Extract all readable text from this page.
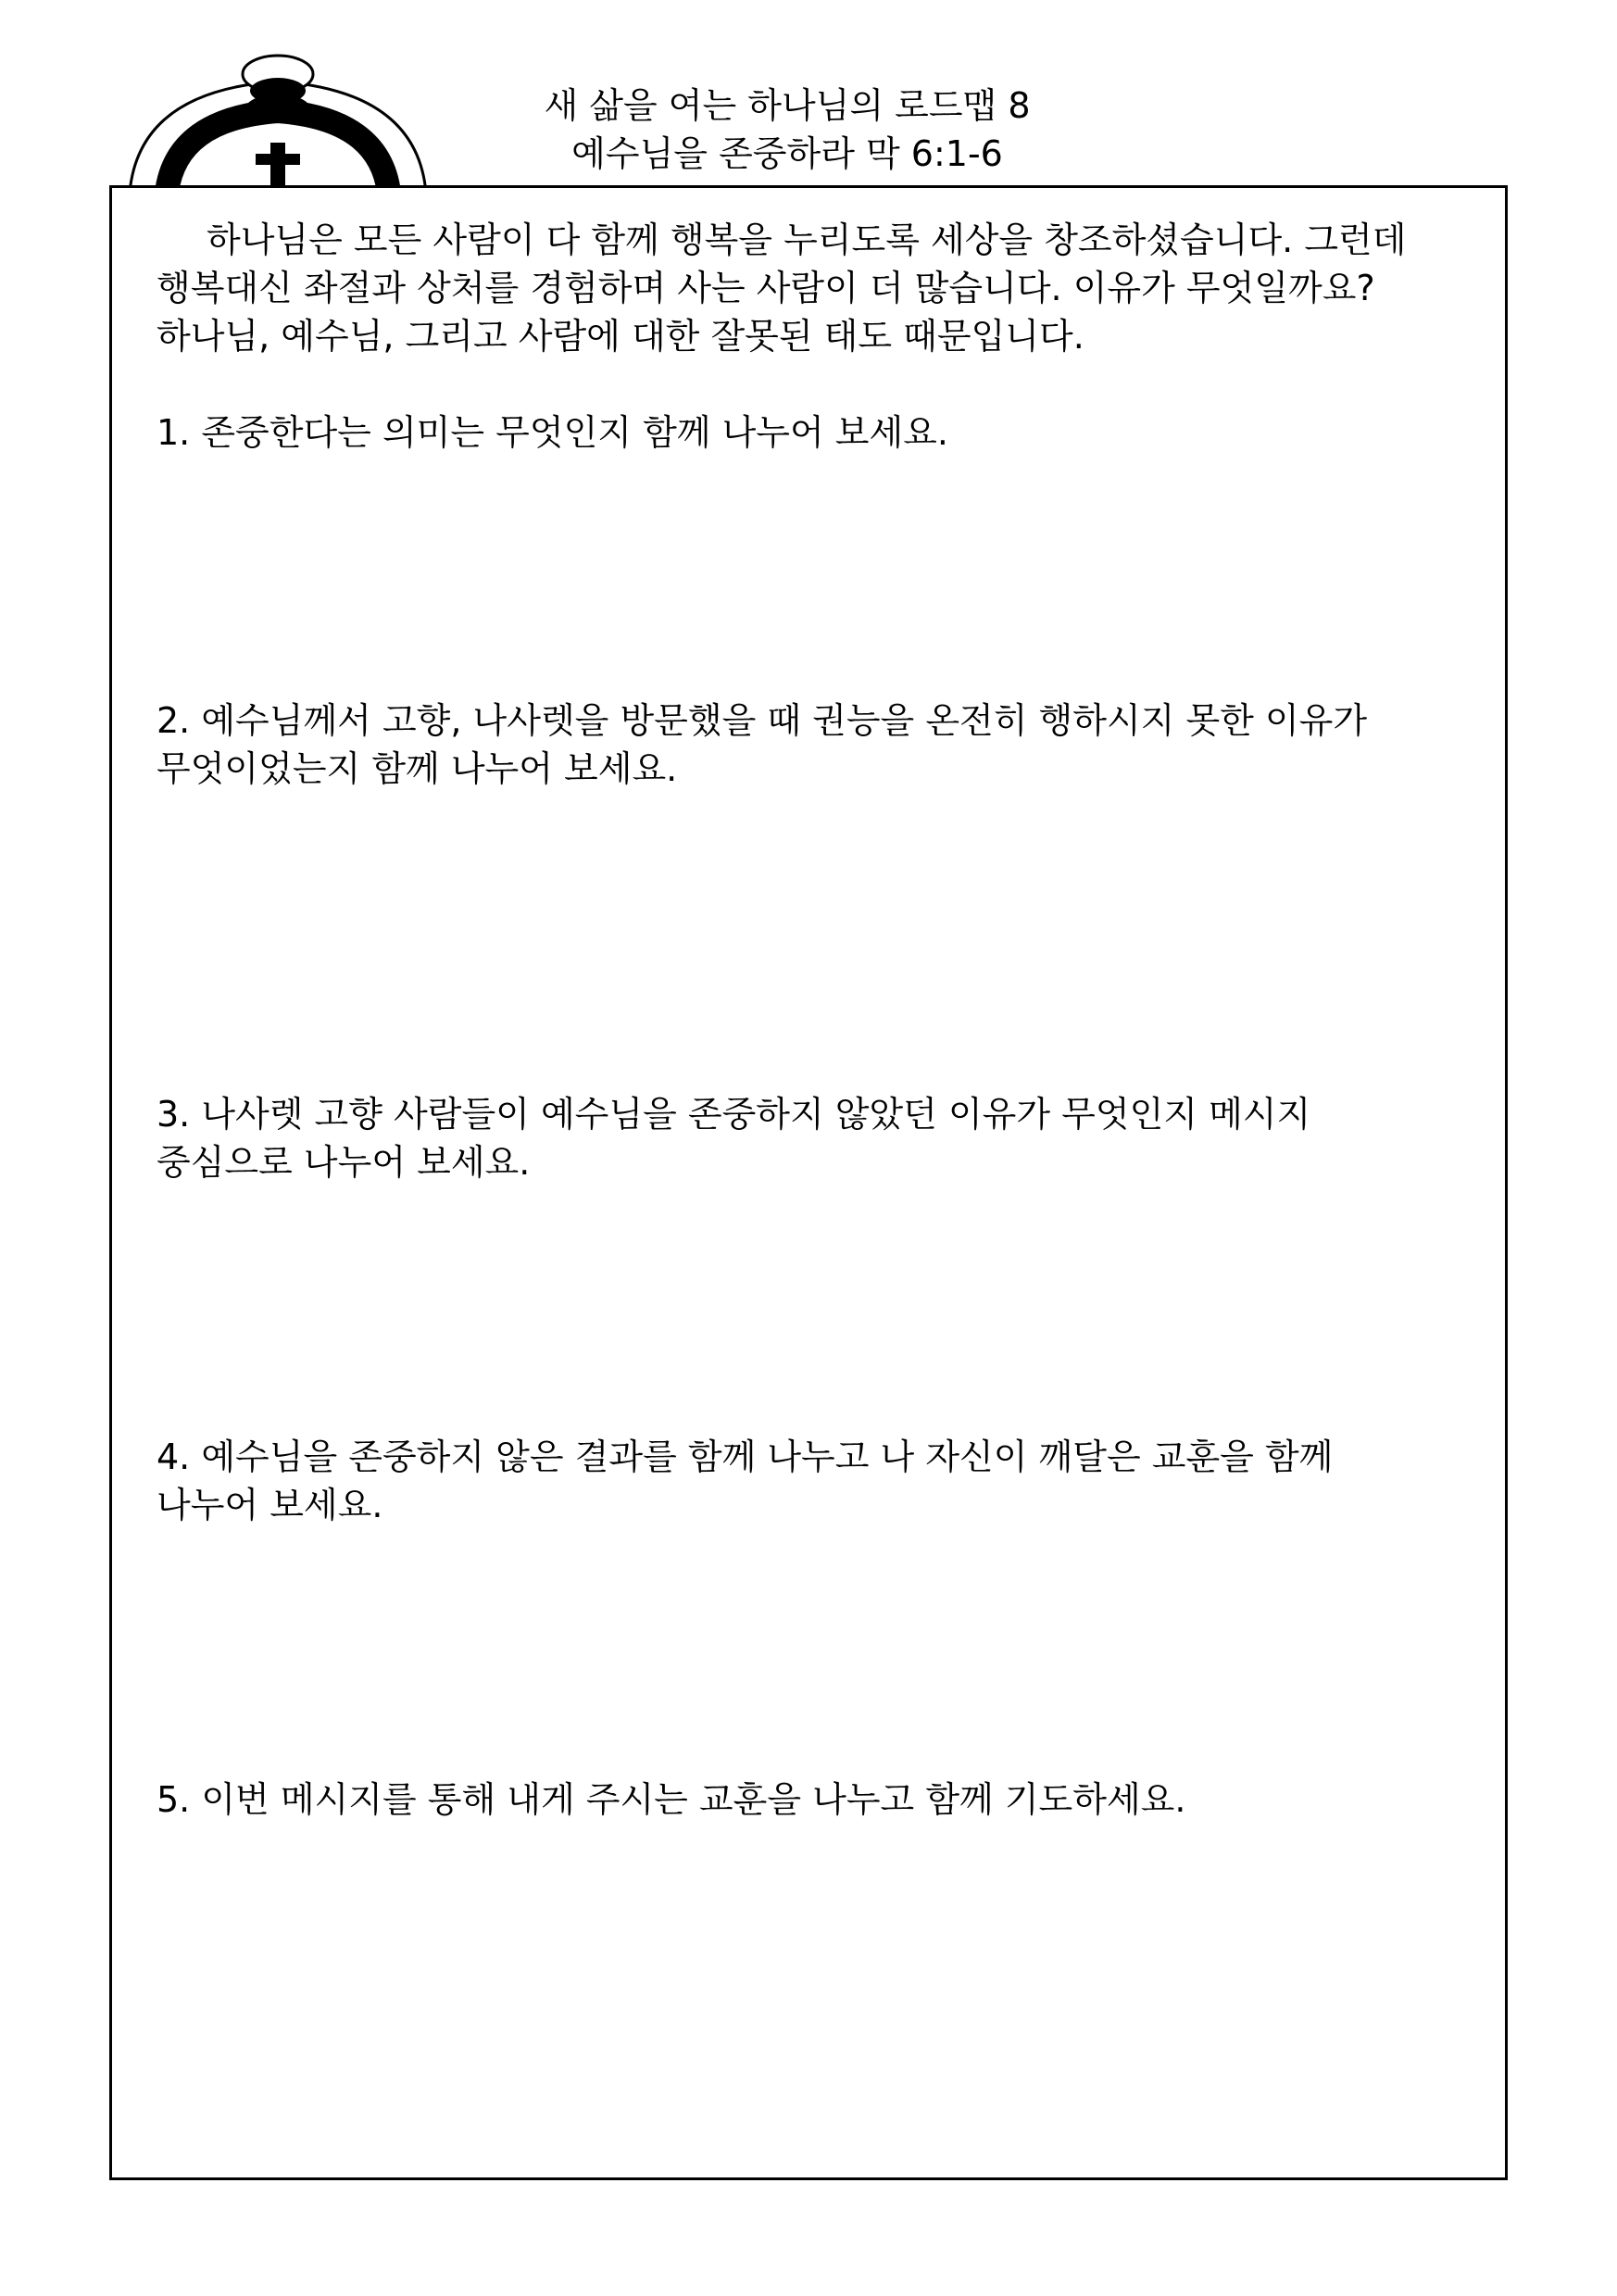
새 삶을 여는 하나님의 로드맵 8
예수님을 존중하라 막 6:1-6

하나님은 모든 사람이 다 함께 행복을 누리도록 세상을 창조하셨습니다. 그런데
행복대신 좌절과 상처를 경험하며 사는 사람이 더 많습니다. 이유가 무엇일까요?
하나님, 예수님, 그리고 사람에 대한 잘못된 태도 때문입니다.

1. 존중한다는 의미는 무엇인지 함께 나누어 보세요.

2. 예수님께서 고향, 나사렛을 방문했을 때 권능을 온전히 행하시지 못한 이유가
무엇이었는지 함께 나누어 보세요.

3. 나사렛 고향 사람들이 예수님을 존중하지 않았던 이유가 무엇인지 메시지
중심으로 나누어 보세요.

4. 예수님을 존중하지 않은 결과를 함께 나누고 나 자신이 깨달은 교훈을 함께
나누어 보세요.

5. 이번 메시지를 통해 내게 주시는 교훈을 나누고 함께 기도하세요.
